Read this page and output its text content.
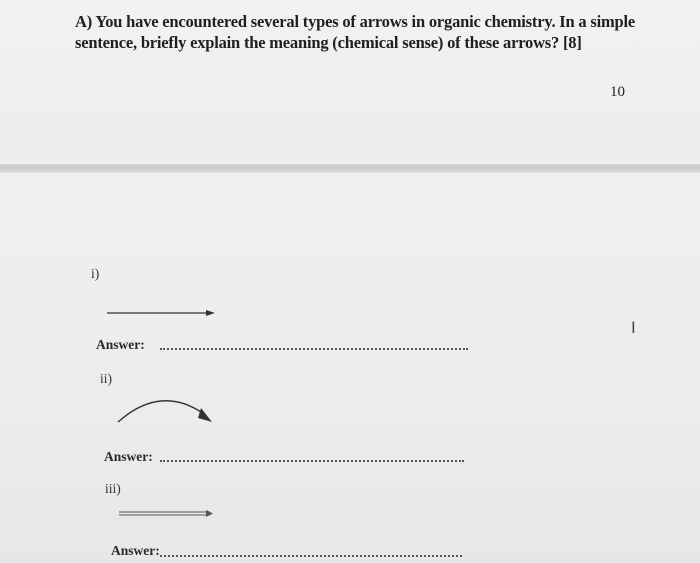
A) You have encountered several types of arrows in organic chemistry. In a simple sentence, briefly explain the meaning (chemical sense) of these arrows? [8]
10
i)
Answer:
ii)
Answer:
iii)
Answer:
I
